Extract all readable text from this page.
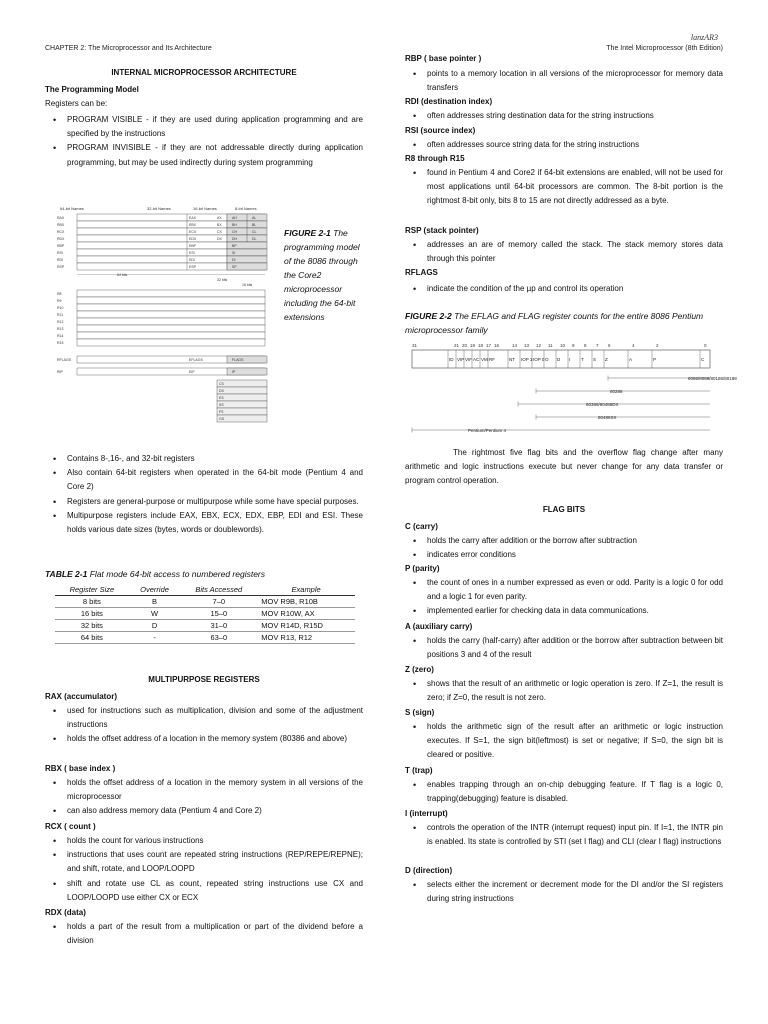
lanzAR3
CHAPTER 2: The Microprocessor and Its Architecture	The Intel Microprocessor (8th Edition)
INTERNAL MICROPROCESSOR ARCHITECTURE
The Programming Model
Registers can be:
• PROGRAM VISIBLE - if they are used during application programming and are specified by the instructions
• PROGRAM INVISIBLE - if they are not addressable directly during application programming, but may be used indirectly during system programming
64-bit Names	32-bit Names	16-bit Names	8-bit Names
RAX	EAX	AX	AH	AL
RBX	EBX	BX	BH	BL
RCX	ECX	CX	CH	CL
RDX	EDX	DX	DH	DL
RBP	EBP	BP
RSI	ESI	SI
RDI	EDI	DI
RSP	ESP	SP
64 bits
32 bits
16 bits
R8
R9
R10
R11
R12
R13
R14
R15
RFLAGS	EFLAGS	FLAGS
RIP	EIP	IP
CS
DS
ES
SS
FS
GS
FIGURE 2-1 The programming model of the 8086 through the Core2 microprocessor including the 64-bit extensions
• Contains 8-,16-, and 32-bit registers
• Also contain 64-bit registers when operated in the 64-bit mode (Pentium 4 and Core 2)
• Registers are general-purpose or multipurpose while some have special purposes.
• Multipurpose registers include EAX, EBX, ECX, EDX, EBP, EDI and ESI. These holds various date sizes (bytes, words or doublewords).
TABLE 2-1 Flat mode 64-bit access to numbered registers
Register Size	Override	Bits Accessed	Example
8 bits	B	7–0	MOV R9B, R10B
16 bits	W	15–0	MOV R10W, AX
32 bits	D	31–0	MOV R14D, R15D
64 bits	-	63–0	MOV R13, R12
MULTIPURPOSE REGISTERS
RAX (accumulator)
• used for instructions such as multiplication, division and some of the adjustment instructions
• holds the offset address of a location in the memory system (80386 and above)
RBX ( base index )
• holds the offset address of a location in the memory system in all versions of the microprocessor
• can also address memory data (Pentium 4 and Core 2)
RCX ( count )
• holds the count for various instructions
• instructions that uses count are repeated string instructions (REP/REPE/REPNE); and shift, rotate, and LOOP/LOOPD
• shift and rotate use CL as count, repeated string instructions use CX and LOOP/LOOPD use either CX or ECX
RDX (data)
• holds a part of the result from a multiplication or part of the dividend before a division
RBP ( base pointer )
• points to a memory location in all versions of the microprocessor for memory data transfers
RDI (destination index)
• often addresses string destination data for the string instructions
RSI (source index)
• often addresses source string data for the string instructions
R8 through R15
• found in Pentium 4 and Core2 if 64-bit extensions are enabled, will not be used for most applications until 64-bit processors are common. The 8-bit portion is the rightmost 8-bit only, bits 8 to 15 are not directly addressed as a byte.
RSP (stack pointer)
• addresses an are of memory called the stack. The stack memory stores data through this pointer
RFLAGS
• indicate the condition of the µp and control its operation
FIGURE 2-2 The EFLAG and FLAG register counts for the entire 8086 Pentium microprocessor family
31	21 20 19 18 17 16	14 13 12 11 10 9 8 7 6	4	2	0
ID VIP VIF AC VM RF	NT IOP 1 IOP 0 O D I T S Z	A	P	C
8086/8088/80186/80188
80286
80386/80486DX
80486SX
Pentium/Pentium 4
The rightmost five flag bits and the overflow flag change after many arithmetic and logic instructions execute but never change for any data transfer or program control operation.
FLAG BITS
C (carry)
• holds the carry after addition or the borrow after subtraction
• indicates error conditions
P (parity)
• the count of ones in a number expressed as even or odd. Parity is a logic 0 for odd and a logic 1 for even parity.
• implemented earlier for checking data in data communications.
A (auxiliary carry)
• holds the carry (half-carry) after addition or the borrow after subtraction between bit positions 3 and 4 of the result
Z (zero)
• shows that the result of an arithmetic or logic operation is zero. If Z=1, the result is zero; if Z=0, the result is not zero.
S (sign)
• holds the arithmetic sign of the result after an arithmetic or logic instruction executes. If S=1, the sign bit(leftmost) is set or negative; if S=0, the sign bit is cleared or positive.
T (trap)
• enables trapping through an on-chip debugging feature. If T flag is a logic 0, trapping(debugging) feature is disabled.
I (interrupt)
• controls the operation of the INTR (interrupt request) input pin. If I=1, the INTR pin is enabled. Its state is controlled by STI (set I flag) and CLI (clear I flag) instructions
D (direction)
• selects either the increment or decrement mode for the DI and/or the SI registers during string instructions
